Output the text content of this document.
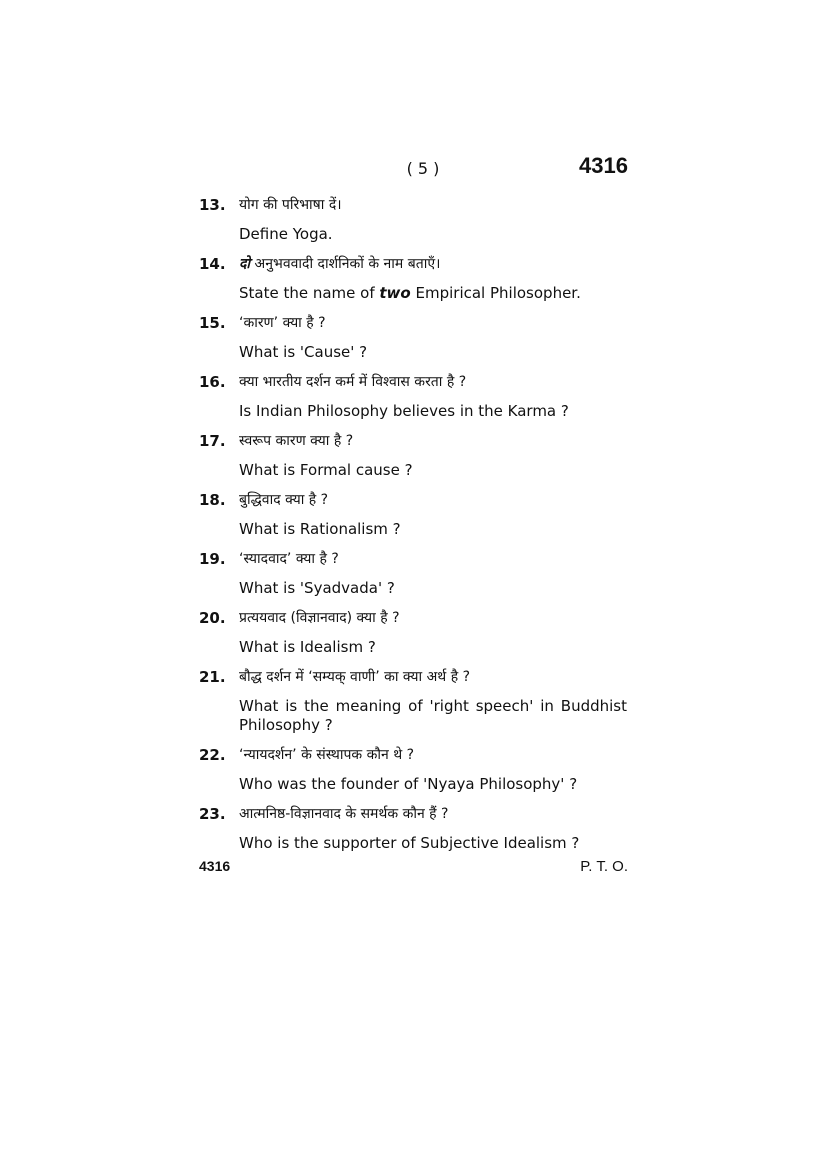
( 5 )	4316
13. योग की परिभाषा दें।
Define Yoga.
14. दो अनुभववादी दार्शनिकों के नाम बताएँ।
State the name of two Empirical Philosopher.
15. ‘कारण’ क्या है ?
What is 'Cause' ?
16. क्या भारतीय दर्शन कर्म में विश्वास करता है ?
Is Indian Philosophy believes in the Karma ?
17. स्वरूप कारण क्या है ?
What is Formal cause ?
18. बुद्धिवाद क्या है ?
What is Rationalism ?
19. ‘स्यादवाद’ क्या है ?
What is 'Syadvada' ?
20. प्रत्ययवाद (विज्ञानवाद) क्या है ?
What is Idealism ?
21. बौद्ध दर्शन में ‘सम्यक् वाणी’ का क्या अर्थ है ?
What is the meaning of 'right speech' in Buddhist Philosophy ?
22. ‘न्यायदर्शन’ के संस्थापक कौन थे ?
Who was the founder of 'Nyaya Philosophy' ?
23. आत्मनिष्ठ-विज्ञानवाद के समर्थक कौन हैं ?
Who is the supporter of Subjective Idealism ?
4316	P. T. O.
